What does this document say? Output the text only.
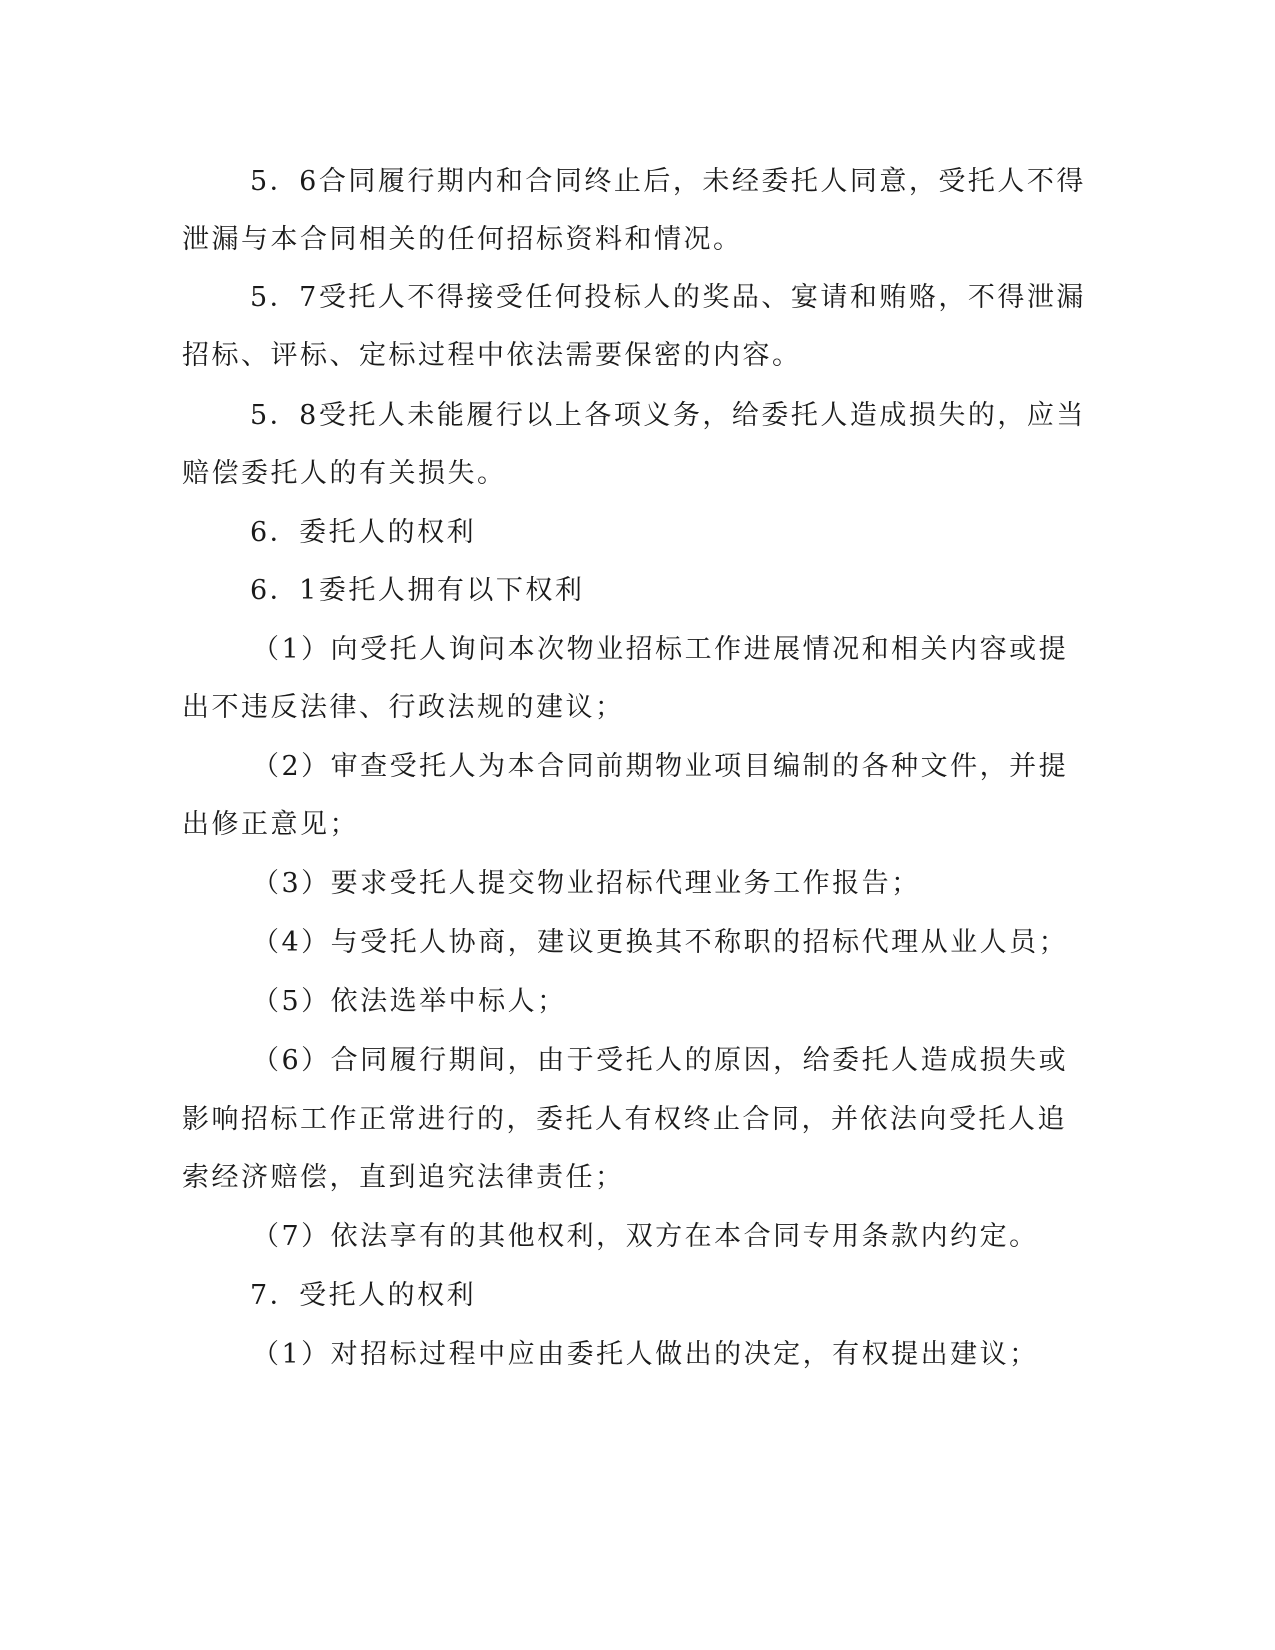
5．6合同履行期内和合同终止后，未经委托人同意，受托人不得
泄漏与本合同相关的任何招标资料和情况。
5．7受托人不得接受任何投标人的奖品、宴请和贿赂，不得泄漏
招标、评标、定标过程中依法需要保密的内容。
5．8受托人未能履行以上各项义务，给委托人造成损失的，应当
赔偿委托人的有关损失。
6．委托人的权利
6．1委托人拥有以下权利
（1）向受托人询问本次物业招标工作进展情况和相关内容或提
出不违反法律、行政法规的建议；
（2）审查受托人为本合同前期物业项目编制的各种文件，并提
出修正意见；
（3）要求受托人提交物业招标代理业务工作报告；
（4）与受托人协商，建议更换其不称职的招标代理从业人员；
（5）依法选举中标人；
（6）合同履行期间，由于受托人的原因，给委托人造成损失或
影响招标工作正常进行的，委托人有权终止合同，并依法向受托人追
索经济赔偿，直到追究法律责任；
（7）依法享有的其他权利，双方在本合同专用条款内约定。
7．受托人的权利
（1）对招标过程中应由委托人做出的决定，有权提出建议；
